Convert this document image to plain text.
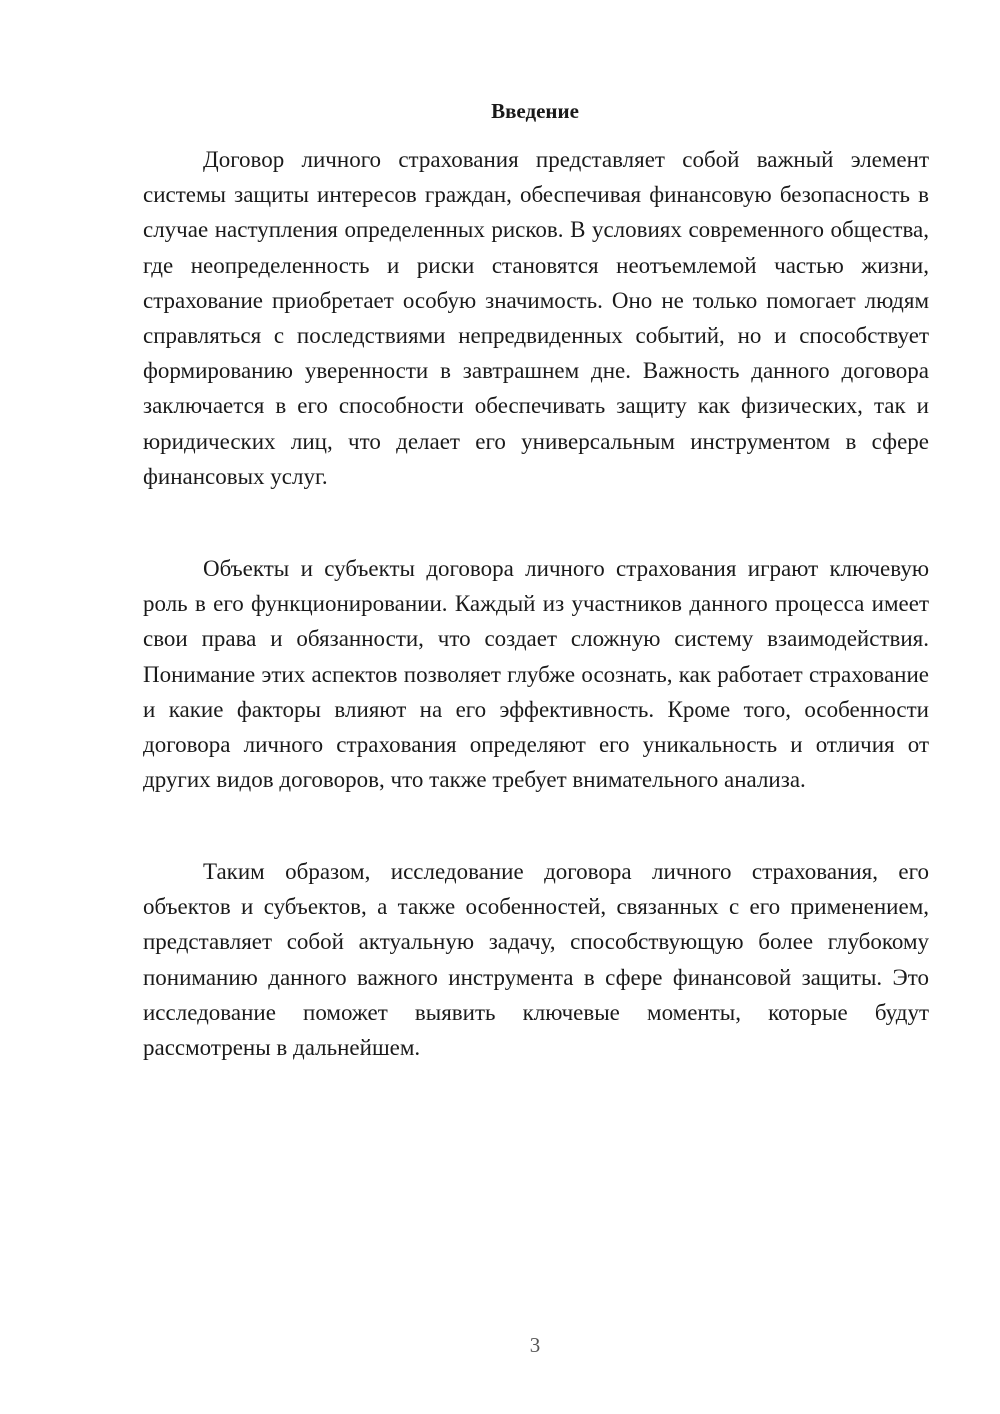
Введение

Договор личного страхования представляет собой важный элемент системы защиты интересов граждан, обеспечивая финансовую безопасность в случае наступления определенных рисков. В условиях современного общества, где неопределенность и риски становятся неотъемлемой частью жизни, страхование приобретает особую значимость. Оно не только помогает людям справляться с последствиями непредвиденных событий, но и способствует формированию уверенности в завтрашнем дне. Важность данного договора заключается в его способности обеспечивать защиту как физических, так и юридических лиц, что делает его универсальным инструментом в сфере финансовых услуг.

Объекты и субъекты договора личного страхования играют ключевую роль в его функционировании. Каждый из участников данного процесса имеет свои права и обязанности, что создает сложную систему взаимодействия. Понимание этих аспектов позволяет глубже осознать, как работает страхование и какие факторы влияют на его эффективность. Кроме того, особенности договора личного страхования определяют его уникальность и отличия от других видов договоров, что также требует внимательного анализа.

Таким образом, исследование договора личного страхования, его объектов и субъектов, а также особенностей, связанных с его применением, представляет собой актуальную задачу, способствующую более глубокому пониманию данного важного инструмента в сфере финансовой защиты. Это исследование поможет выявить ключевые моменты, которые будут рассмотрены в дальнейшем.

3
